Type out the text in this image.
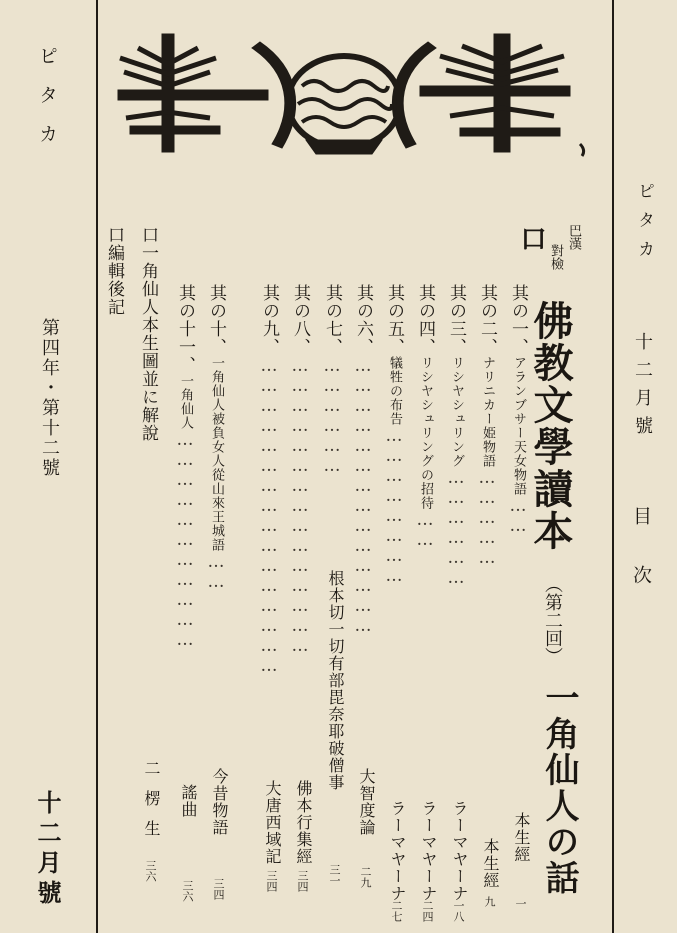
ピタカ
第四年・第十二號
十二月號
ピタカ
十二月號
目次
口	巴漢
對檢
佛教文學讀本
（第二回）
一角仙人の話
其の一、アランブサー天女物語……
本生經
一
其の二、ナリニカー姫物語……………
本生經
九
其の三、リシヤシュリング………………
ラーマヤーナ
一八
其の四、リシヤシュリングの招待……
ラーマヤーナ
二四
其の五、犠牲の布告……………………
ラーマヤーナ
二七
其の六、……………………………………
大智度論
二九
其の七、………………
根本切一切有部毘奈耶破僧事
三一
其の八、………………………………………
佛本行集經
三四
其の九、…………………………………………
大唐西域記
三四
其の十、一角仙人被負女人從山來王城語……
今昔物語
三四
其の十一、一角仙人……………………………
謠曲
三六
口一角仙人本生圖並に解說
二楞生
三六
口編輯後記
